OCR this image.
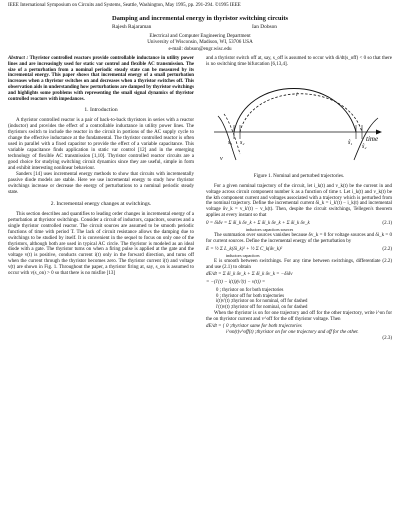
IEEE International Symposium on Circuits and Systems, Seattle, Washington, May 1995, pp. 291-294. ©1995 IEEE
Damping and incremental energy in thyristor switching circuits
Rajesh Rajaraman	Ian Dobson
Electrical and Computer Engineering Department
University of Wisconsin, Madison, WI, 53706 USA
e-mail: dobson@engr.wisc.edu
Abstract : Thyristor controlled reactors provide controllable inductance in utility power lines and are increasingly used for static var control and flexible AC transmission. The size of a perturbation from a nominal periodic steady state can be measured by its incremental energy. This paper shows that incremental energy of a small perturbation increases when a thyristor switches on and decreases when a thyristor switches off. This observation aids in understanding how perturbations are damped by thyristor switchings and highlights some problems with representing the small signal dynamics of thyristor controlled reactors with impedances.
1. Introduction

A thyristor controlled reactor is a pair of back-to-back thyristors in series with a reactor (inductor) and provides the effect of a controllable inductance in utility power lines. The thyristors switch to include the reactor in the circuit in portions of the AC supply cycle to change the effective inductance at the fundamental. The thyristor controlled reactor is often used in parallel with a fixed capacitor to provide the effect of a variable capacitance. This variable capacitance finds application in static var control [12] and in the emerging technology of flexible AC transmission [1,10]. Thyristor controlled reactor circuits are a good choice for studying switching circuit dynamics since they are useful, simple in form and exhibit interesting nonlinear behaviour.

Sanders [14] uses incremental energy methods to show that circuits with incrementally passive diode models are stable. Here we use incremental energy to study how thyristor switchings increase or decrease the energy of perturbations to a nominal periodic steady state.

2. Incremental energy changes at switchings.

This section describes and quantifies to leading order changes in incremental energy of a perturbation at thyristor switchings. Consider a circuit of inductors, capacitors, sources and a single thyristor controlled reactor. The circuit sources are assumed to be smooth periodic functions of time with period T. The lack of circuit resistance allows the damping due to switchings to be studied by itself. It is convenient in the sequel to focus on only one of the thyristors, although both are used in typical AC circle. The thyristor is modeled as an ideal diode with a gate. The thyristor turns on when a firing pulse is applied at the gate and the voltage v(t) is positive, conducts current i(t) only in the forward direction, and turns off when the current through the thyristor becomes zero. The thyristor current i(t) and voltage v(t) are shown in Fig. 1. Throughout the paper, a thyristor firing at, say, s_on is assumed to occur with v(s_on) > 0 so that there is no misfire [13]

and a thyristor switch off at, say, s_off is assumed to occur with di/dt(s_off) < 0 so that there is no switching time bifurcation [6,13,4].

time
s₁ s₂	ŝ₁
ŝ₂
v
i
Figure 1. Nominal and perturbed trajectories.

For a given nominal trajectory of the circuit, let i_k(t) and v_k(t) be the current in and voltage across circuit component number k as a function of time t. Let i_k(t) and v_k(t) be the kth component current and voltages associated with a trajectory which is perturbed from the nominal trajectory. Define the incremental current δi_k = i_k'(t) − i_k(t) and incremental voltage δv_k = v_k'(t) − v_k(t). Then, despite the circuit switchings, Tellegen's theorem applies at every instant so that

0 = δiδv = Σ δi_k δv_k + Σ δi_k δv_k + Σ δi_k δv_k	(2.1)
inductors capacitors sources

The summation over sources vanishes because δv_k = 0 for voltage sources and δi_k = 0 for current sources. Define the incremental energy of the perturbation by

E = ½ Σ L_k(δi_k)² + ½ Σ C_k(δv_k)²	(2.2)
inductors capacitors

E is smooth between switchings. For any time between switchings, differentiate (2.2) and use (2.1) to obtain

dE/dt = Σ δi_k δv_k + Σ δi_k δv_k = −δiδv
= −(i'(t) − i(t))(v'(t) − v(t)) =
0 ; thyristor on for both trajectories
0 ; thyristor off for both trajectories
i(t)v'(t) ;thyristor on for nominal, off for dashed
i'(t)v(t) ;thyristor off for nominal, on for dashed

When the thyristor is on for one trajectory and off for the other trajectory, write i^on for the on thyristor current and v^off for the off thyristor voltage. Then

dE/dt = { 0 ;thyristor same for both trajectories
i^on(t)v^off(t) ;thyristor on for one trajectory and off for the other.
(2.3)
